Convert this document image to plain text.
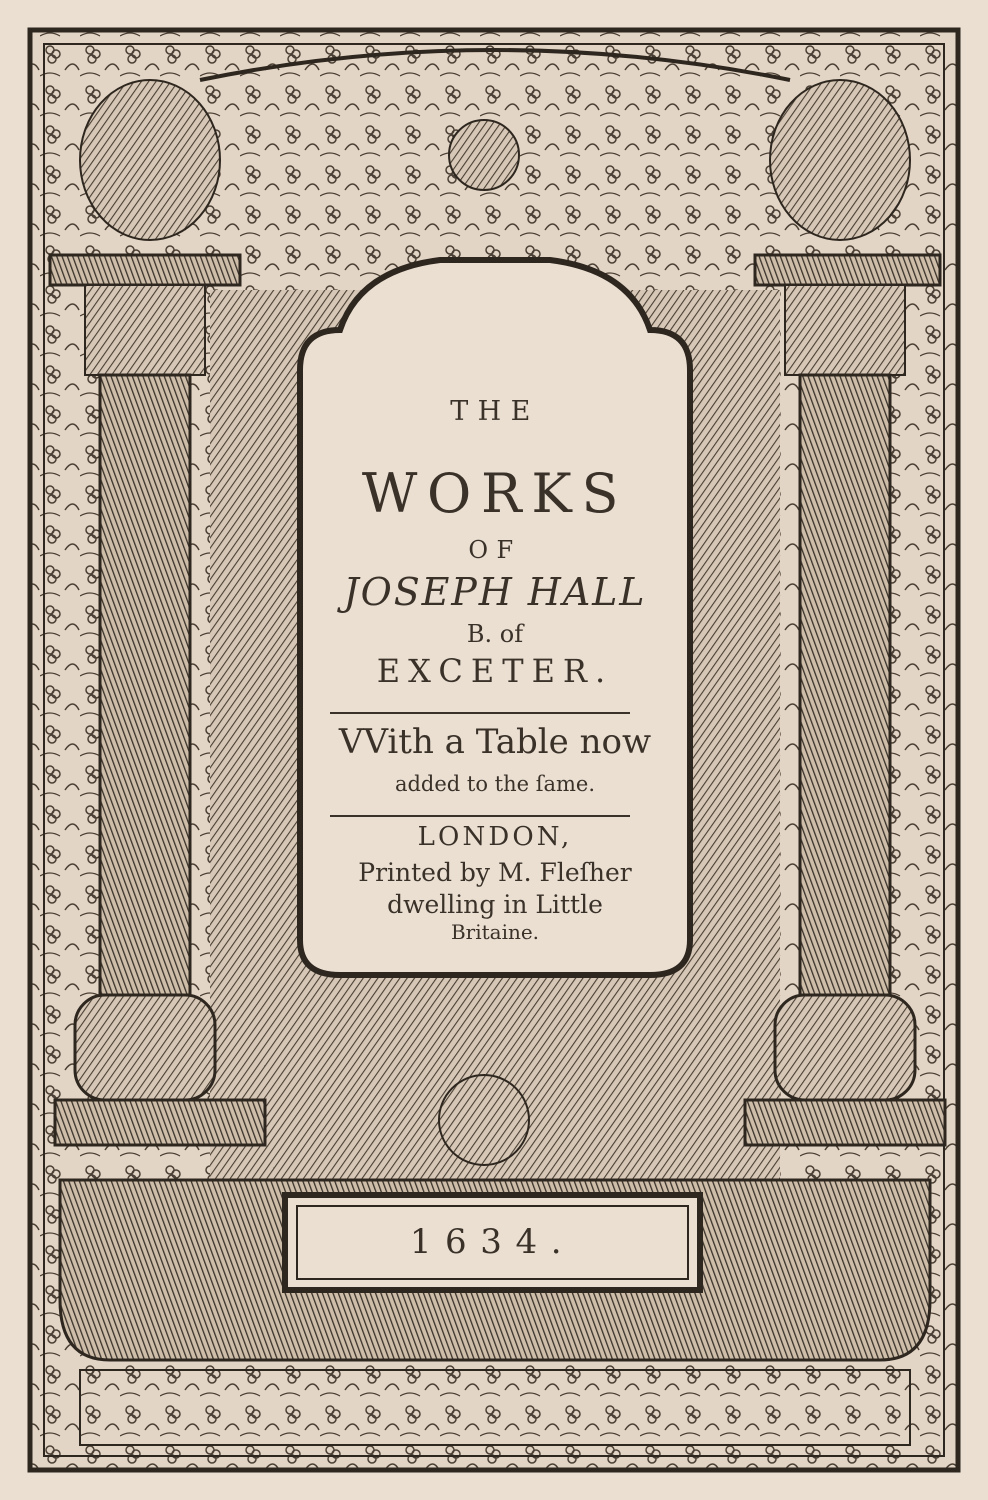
THE
WORKS
OF
JOSEPH HALL
B. of
EXCETER.
VVith a Table now
added to the ſame.
LONDON,
Printed by M. Fleſher
dwelling in Little
Britaine.
1634.
